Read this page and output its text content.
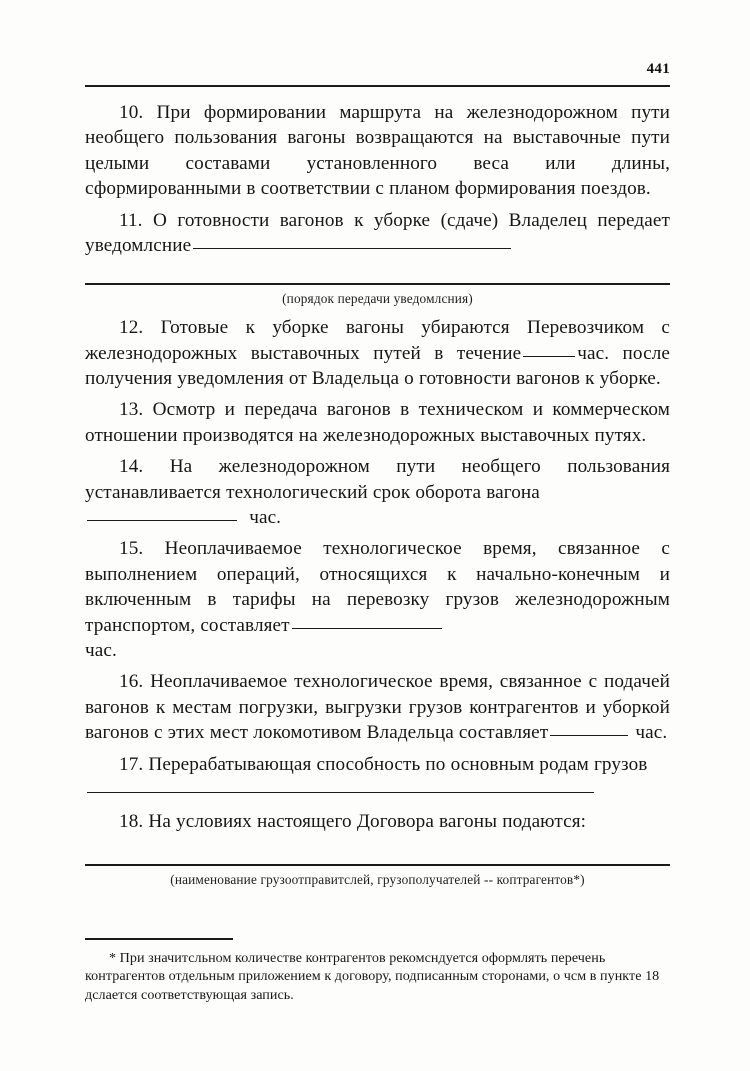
441

10. При формировании маршрута на железнодорожном пути необщего пользования вагоны возвращаются на выставочные пути целыми составами установленного веса или длины, сформированными в соответствии с планом формирования поездов.

11. О готовности вагонов к уборке (сдаче) Владелец передает уведомлсние

(порядок передачи уведомлсния)

12. Готовые к уборке вагоны убираются Перевозчиком с железнодорожных выставочных путей в течение	час. после получения уведомления от Владельца о готовности вагонов к уборке.

13. Осмотр и передача вагонов в техническом и коммерческом отношении производятся на железнодорожных выставочных путях.

14. На железнодорожном пути необщего пользования устанавливается технологический срок оборота вагона

час.

15. Неоплачиваемое технологическое время, связанное с выполнением операций, относящихся к начально-конечным и включенным в тарифы на перевозку грузов железнодорожным транспортом, составляет

час.

16. Неоплачиваемое технологическое время, связанное с подачей вагонов к местам погрузки, выгрузки грузов контрагентов и уборкой вагонов с этих мест локомотивом Владельца составляет	час.

17. Перерабатывающая способность по основным родам грузов

18. На условиях настоящего Договора вагоны подаются:

(наименование грузоотправитслей, грузополучателей -- коптрагентов*)

* При значитсльном количестве контрагентов рекомсндуется оформлять перечень контрагентов отдельным приложением к договору, подписанным сторонами, о чсм в пункте 18 дслается соответствующая запись.
